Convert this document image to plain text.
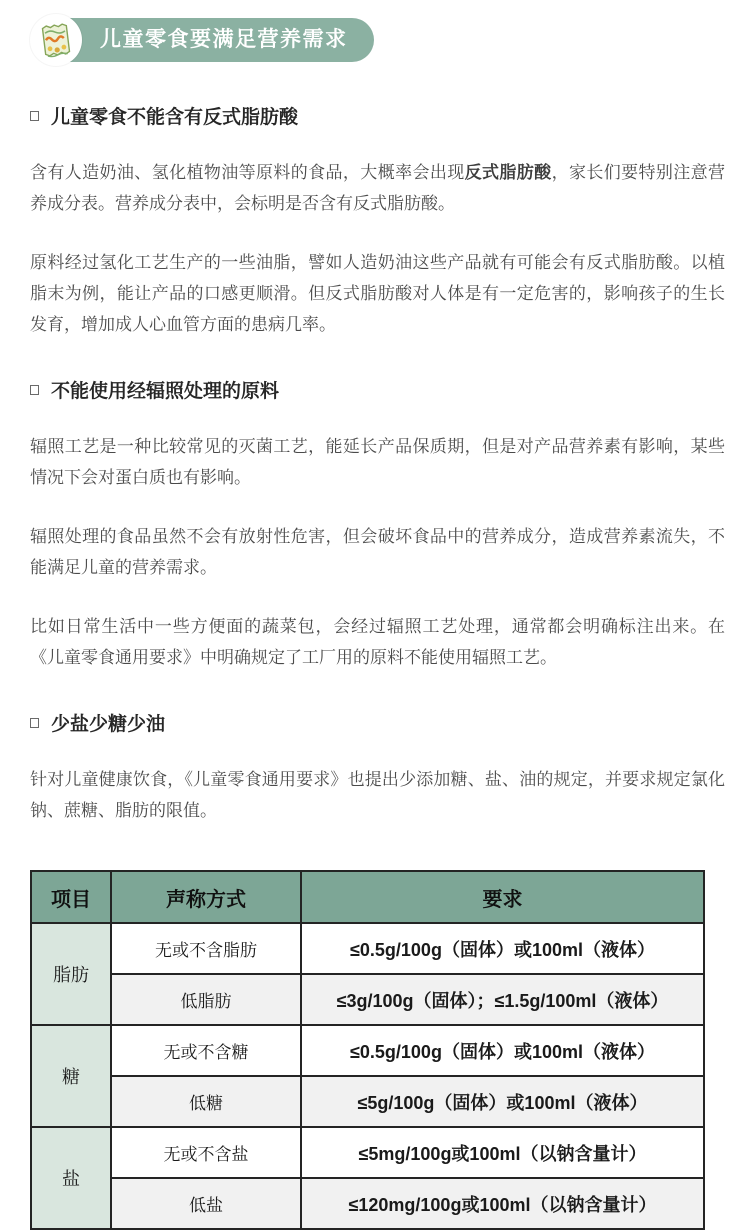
儿童零食要满足营养需求
儿童零食不能含有反式脂肪酸

含有人造奶油、氢化植物油等原料的食品，大概率会出现反式脂肪酸，家长们要特别注意营养成分表。营养成分表中，会标明是否含有反式脂肪酸。

原料经过氢化工艺生产的一些油脂，譬如人造奶油这些产品就有可能会有反式脂肪酸。以植脂末为例，能让产品的口感更顺滑。但反式脂肪酸对人体是有一定危害的，影响孩子的生长发育，增加成人心血管方面的患病几率。

不能使用经辐照处理的原料

辐照工艺是一种比较常见的灭菌工艺，能延长产品保质期，但是对产品营养素有影响，某些情况下会对蛋白质也有影响。

辐照处理的食品虽然不会有放射性危害，但会破坏食品中的营养成分，造成营养素流失，不能满足儿童的营养需求。

比如日常生活中一些方便面的蔬菜包，会经过辐照工艺处理，通常都会明确标注出来。在《儿童零食通用要求》中明确规定了工厂用的原料不能使用辐照工艺。

少盐少糖少油

针对儿童健康饮食，《儿童零食通用要求》也提出少添加糖、盐、油的规定，并要求规定氯化钠、蔗糖、脂肪的限值。

项目	声称方式	要求
脂肪	无或不含脂肪	≤0.5g/100g（固体）或100ml（液体）
	低脂肪	≤3g/100g（固体）；≤1.5g/100ml（液体）
糖	无或不含糖	≤0.5g/100g（固体）或100ml（液体）
	低糖	≤5g/100g（固体）或100ml（液体）
盐	无或不含盐	≤5mg/100g或100ml（以钠含量计）
	低盐	≤120mg/100g或100ml（以钠含量计）
